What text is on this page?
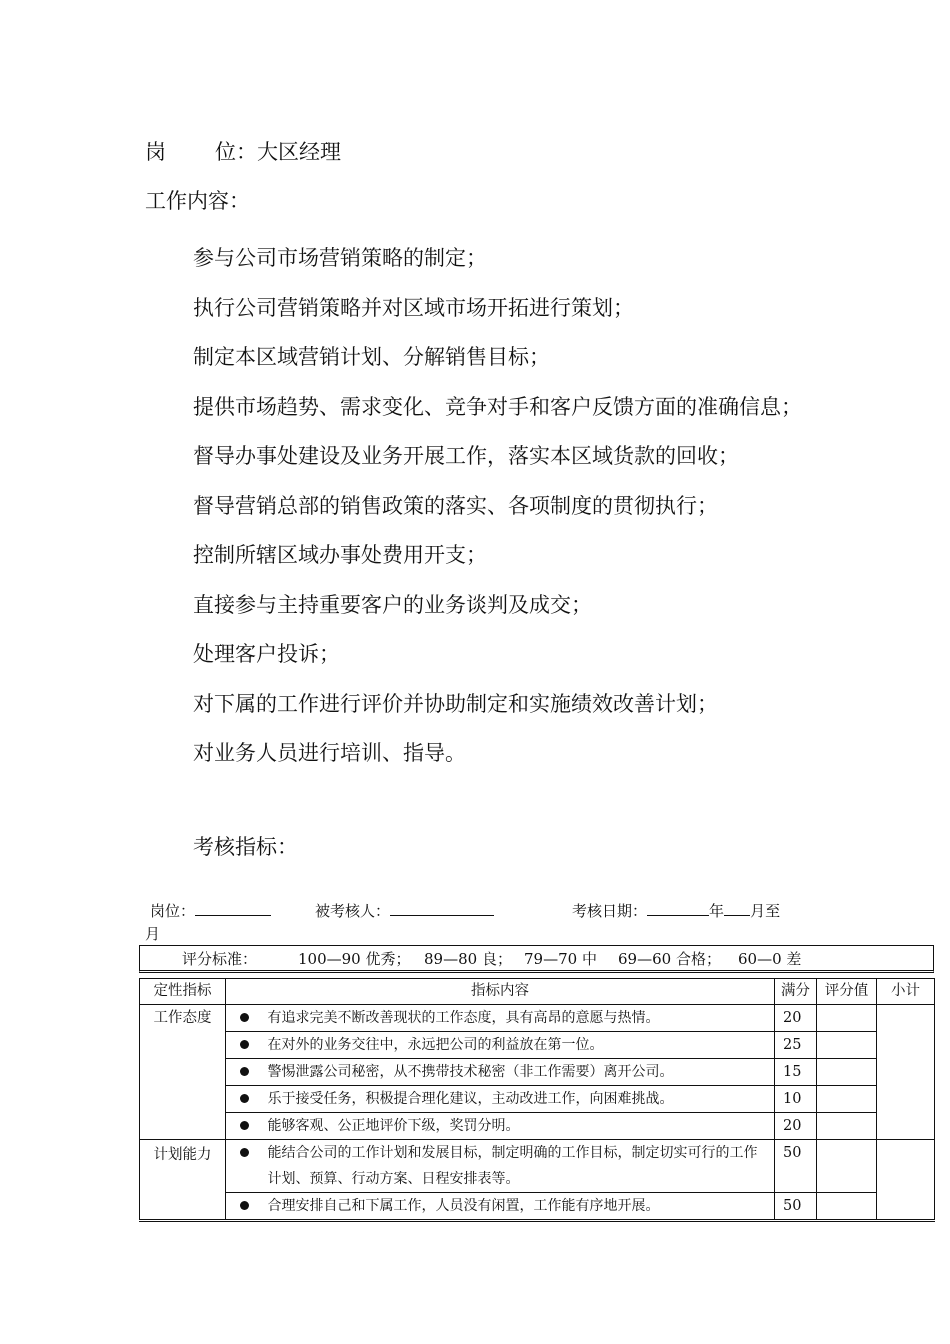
岗 位：大区经理
工作内容：
参与公司市场营销策略的制定；
执行公司营销策略并对区域市场开拓进行策划；
制定本区域营销计划、分解销售目标；
提供市场趋势、需求变化、竞争对手和客户反馈方面的准确信息；
督导办事处建设及业务开展工作，落实本区域货款的回收；
督导营销总部的销售政策的落实、各项制度的贯彻执行；
控制所辖区域办事处费用开支；
直接参与主持重要客户的业务谈判及成交；
处理客户投诉；
对下属的工作进行评价并协助制定和实施绩效改善计划；
对业务人员进行培训、指导。
考核指标：
岗位：	被考核人：	考核日期：	年 月至
月
评分标准：	100—90 优秀； 89—80 良； 79—70 中 69—60 合格； 60—0 差
定性指标	指标内容		满分	评分值	小计
工作态度		有追求完美不断改善现状的工作态度，具有高昂的意愿与热情。	20		
		在对外的业务交往中，永远把公司的利益放在第一位。	25		
		警惕泄露公司秘密，从不携带技术秘密（非工作需要）离开公司。	15		
		乐于接受任务，积极提合理化建议，主动改进工作，向困难挑战。	10		
		能够客观、公正地评价下级，奖罚分明。	20		
计划能力		能结合公司的工作计划和发展目标，制定明确的工作目标，制定切实可行的工作计划、预算、行动方案、日程安排表等。	50		
		合理安排自己和下属工作，人员没有闲置，工作能有序地开展。	50		
